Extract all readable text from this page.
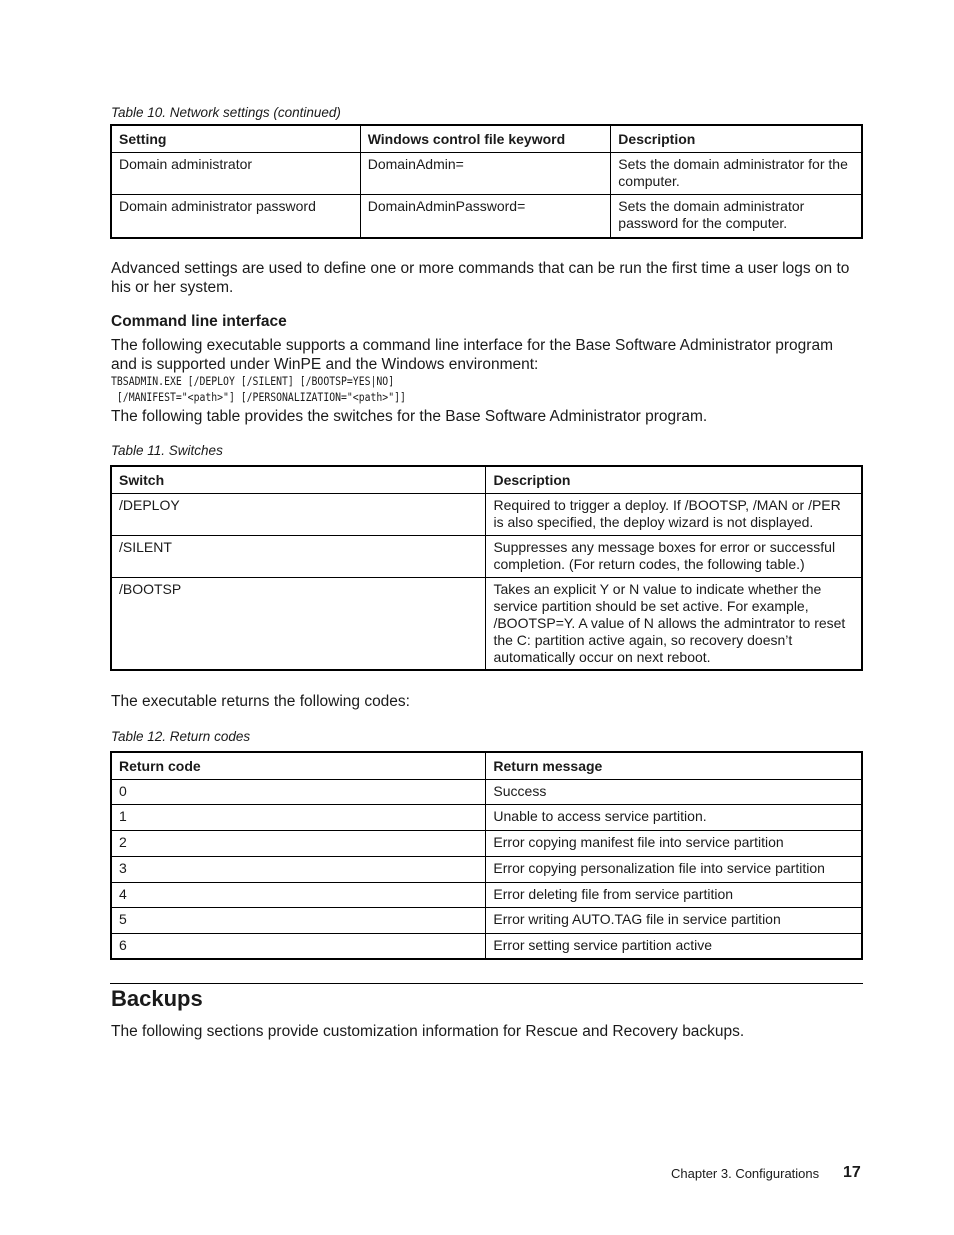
Table 10. Network settings (continued)
Setting	Windows control file keyword	Description
Domain administrator	DomainAdmin=	Sets the domain administrator for the computer.
Domain administrator password	DomainAdminPassword=	Sets the domain administrator password for the computer.
Advanced settings are used to define one or more commands that can be run the first time a user logs on to his or her system.
Command line interface
The following executable supports a command line interface for the Base Software Administrator program and is supported under WinPE and the Windows environment:
TBSADMIN.EXE [/DEPLOY [/SILENT] [/BOOTSP=YES|NO]
[/MANIFEST="<path>"] [/PERSONALIZATION="<path>"]]
The following table provides the switches for the Base Software Administrator program.
Table 11. Switches
Switch	Description
/DEPLOY	Required to trigger a deploy. If /BOOTSP, /MAN or /PER is also specified, the deploy wizard is not displayed.
/SILENT	Suppresses any message boxes for error or successful completion. (For return codes, the following table.)
/BOOTSP	Takes an explicit Y or N value to indicate whether the service partition should be set active. For example, /BOOTSP=Y. A value of N allows the admintrator to reset the C: partition active again, so recovery doesn’t automatically occur on next reboot.
The executable returns the following codes:
Table 12. Return codes
Return code	Return message
0	Success
1	Unable to access service partition.
2	Error copying manifest file into service partition
3	Error copying personalization file into service partition
4	Error deleting file from service partition
5	Error writing AUTO.TAG file in service partition
6	Error setting service partition active
Backups
The following sections provide customization information for Rescue and Recovery backups.
Chapter 3. Configurations 17
